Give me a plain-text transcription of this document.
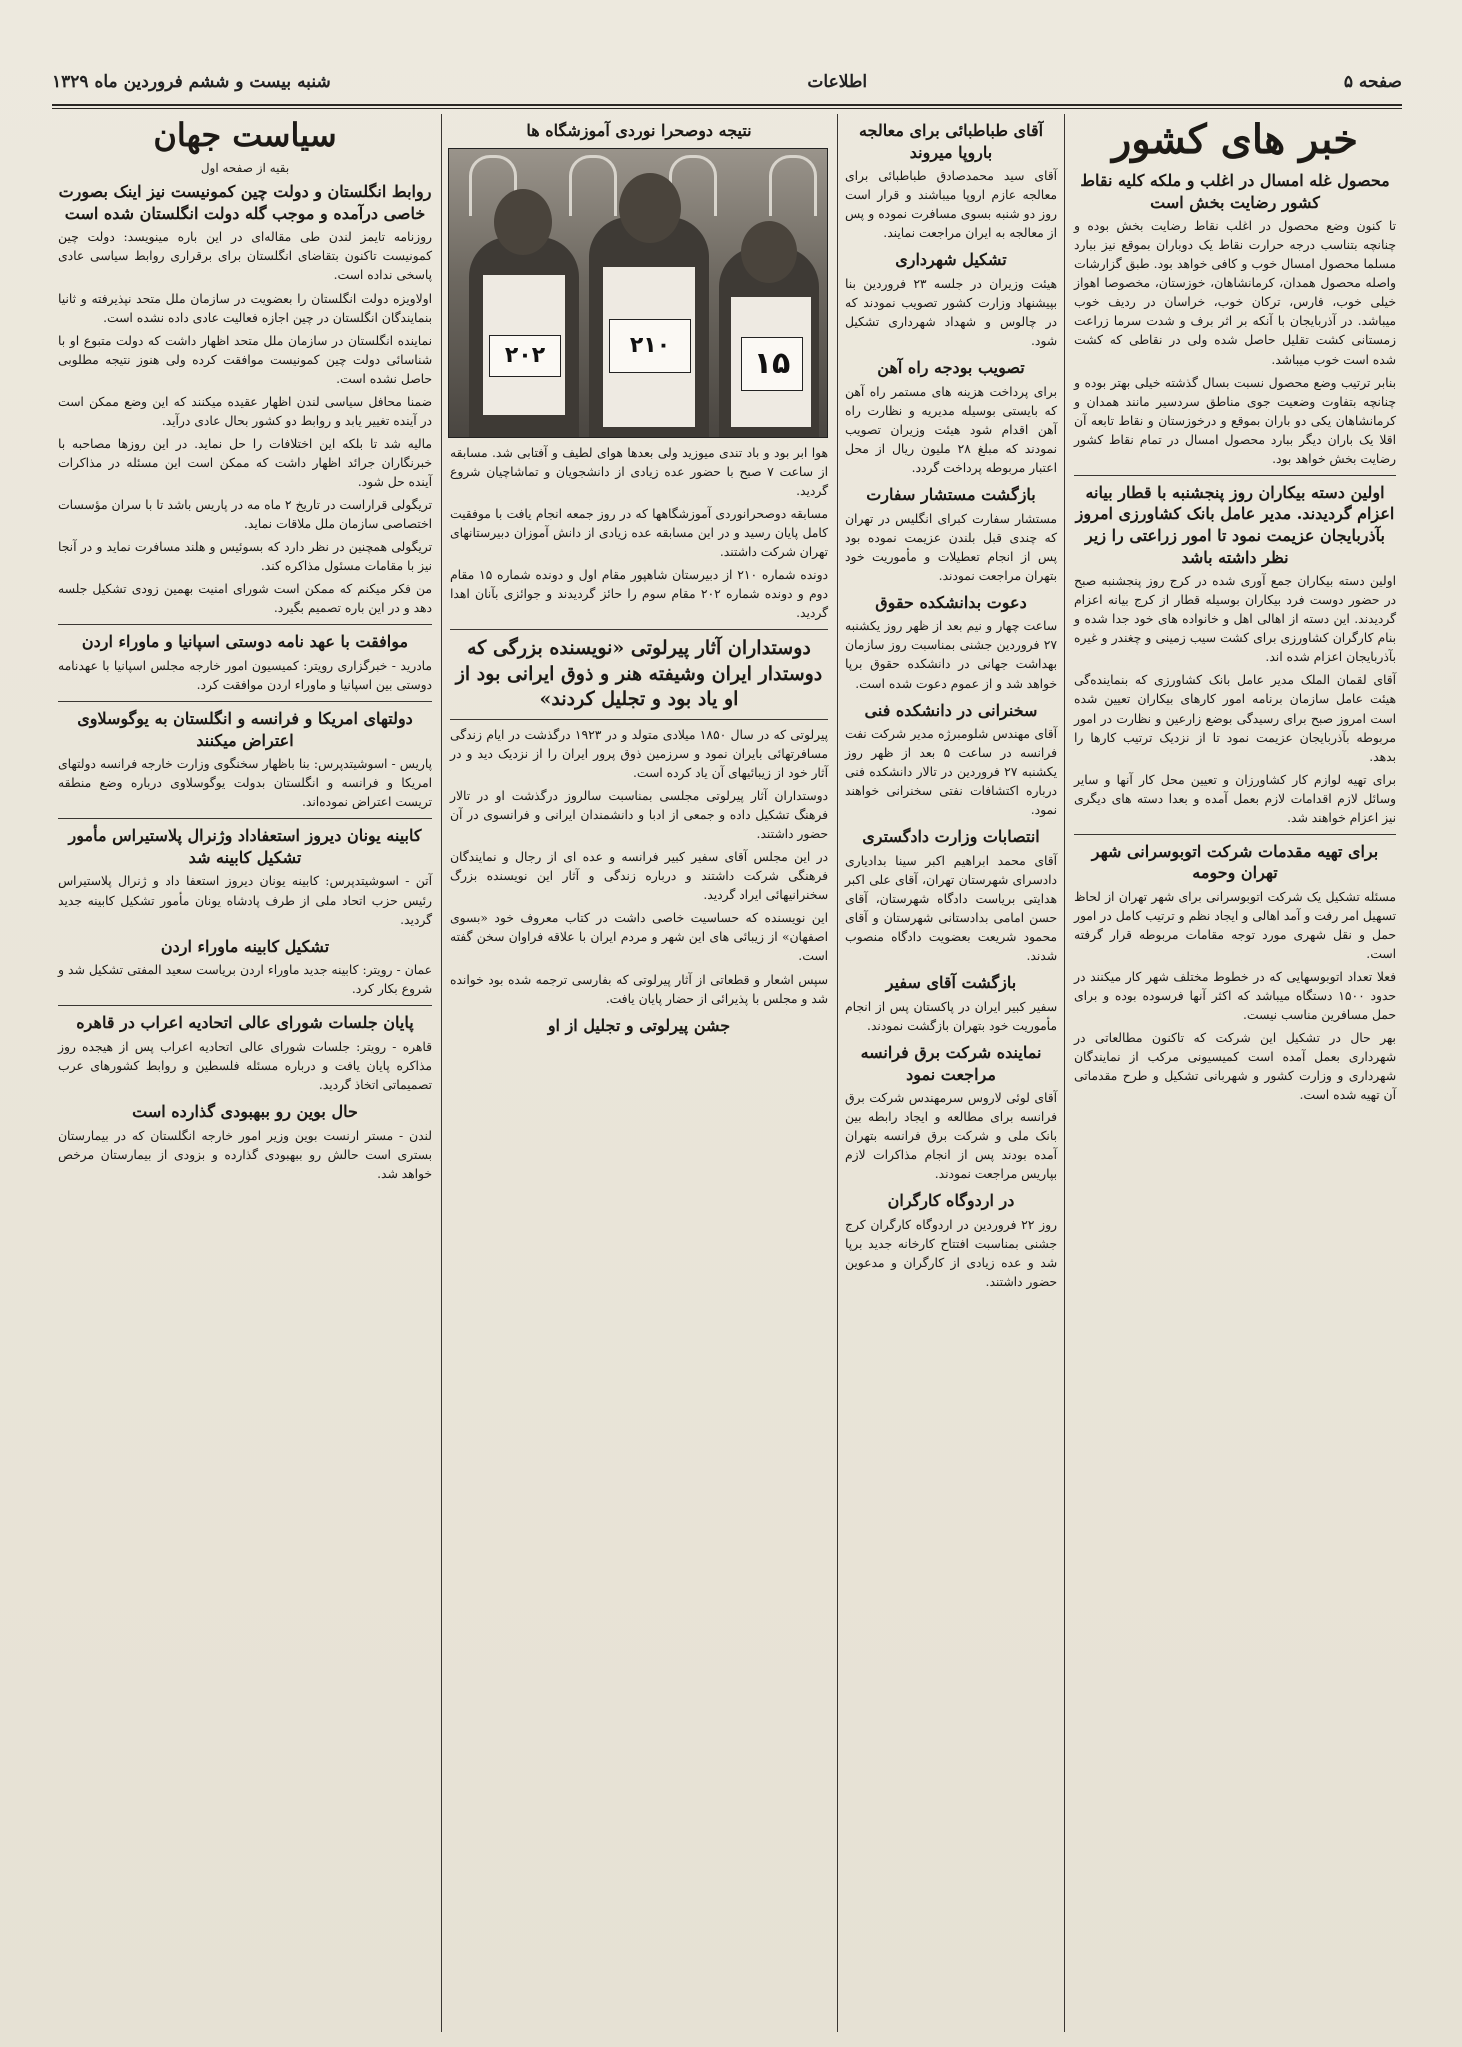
صفحه ۵
اطلاعات
شنبه بیست و ششم فروردین ماه ۱۳۲۹
خبر های کشور
محصول غله امسال در اغلب و ملکه کلیه نقاط کشور رضایت بخش است

تا کنون وضع محصول در اغلب نقاط رضایت بخش بوده و چنانچه بتناسب درجه حرارت نقاط یک دوباران بموقع نیز ببارد مسلما محصول امسال خوب و کافی خواهد بود. طبق گزارشات واصله محصول همدان، کرمانشاهان، خوزستان، مخصوصا اهواز خیلی خوب، فارس، ترکان خوب، خراسان در ردیف خوب میباشد. در آذربایجان با آنکه بر اثر برف و شدت سرما زراعت زمستانی کشت تقلیل حاصل شده ولی در نقاطی که کشت شده است خوب میباشد.

بنابر ترتیب وضع محصول نسبت بسال گذشته خیلی بهتر بوده و چنانچه بتفاوت وضعیت جوی مناطق سردسیر مانند همدان و کرمانشاهان یکی دو باران بموقع و درخوزستان و نقاط تابعه آن اقلا یک باران دیگر ببارد محصول امسال در تمام نقاط کشور رضایت بخش خواهد بود.

اولین دسته بیکاران روز پنجشنبه با قطار بیانه اعزام گردیدند. مدیر عامل بانک کشاورزی امروز بآذربایجان عزیمت نمود تا امور زراعتی را زیر نظر داشته باشد

اولین دسته بیکاران جمع آوری شده در کرج روز پنجشنبه صبح در حضور دوست فرد بیکاران بوسیله قطار از کرج بیانه اعزام گردیدند. این دسته از اهالی اهل و خانواده های خود جدا شده و بنام کارگران کشاورزی برای کشت سیب زمینی و چغندر و غیره بآذربایجان اعزام شده اند.

آقای لقمان الملک مدیر عامل بانک کشاورزی که بنماینده‌گی هیئت عامل سازمان برنامه امور کارهای بیکاران تعیین شده است امروز صبح برای رسیدگی بوضع زارعین و نظارت در امور مربوطه بآذربایجان عزیمت نمود تا از نزدیک ترتیب کارها را بدهد.

برای تهیه لوازم کار کشاورزان و تعیین محل کار آنها و سایر وسائل لازم اقدامات لازم بعمل آمده و بعدا دسته های دیگری نیز اعزام خواهند شد.

برای تهیه مقدمات شرکت اتوبوسرانی شهر تهران وحومه

مسئله تشکیل یک شرکت اتوبوسرانی برای شهر تهران از لحاظ تسهیل امر رفت و آمد اهالی و ایجاد نظم و ترتیب کامل در امور حمل و نقل شهری مورد توجه مقامات مربوطه قرار گرفته است.

فعلا تعداد اتوبوسهایی که در خطوط مختلف شهر کار میکنند در حدود ۱۵۰۰ دستگاه میباشد که اکثر آنها فرسوده بوده و برای حمل مسافرین مناسب نیست.

بهر حال در تشکیل این شرکت که تاکنون مطالعاتی در شهرداری بعمل آمده است کمیسیونی مرکب از نمایندگان شهرداری و وزارت کشور و شهربانی تشکیل و طرح مقدماتی آن تهیه شده است.

آقای طباطبائی برای معالجه باروپا میروند

آقای سید محمدصادق طباطبائی برای معالجه عازم اروپا میباشند و قرار است روز دو شنبه بسوی مسافرت نموده و پس از معالجه به ایران مراجعت نمایند.

تشکیل شهرداری

هیئت وزیران در جلسه ۲۳ فروردین بنا بپیشنهاد وزارت کشور تصویب نمودند که در چالوس و شهداد شهرداری تشکیل شود.

تصویب بودجه راه آهن

برای پرداخت هزینه های مستمر راه آهن که بایستی بوسیله مدیریه و نظارت راه آهن اقدام شود هیئت وزیران تصویب نمودند که مبلغ ۲۸ ملیون ریال از محل اعتبار مربوطه پرداخت گردد.

بازگشت مستشار سفارت

مستشار سفارت کبرای انگلیس در تهران که چندی قبل بلندن عزیمت نموده بود پس از انجام تعطیلات و مأموریت خود بتهران مراجعت نمودند.

دعوت بدانشکده حقوق

ساعت چهار و نیم بعد از ظهر روز یکشنبه ۲۷ فروردین جشنی بمناسبت روز سازمان بهداشت جهانی در دانشکده حقوق برپا خواهد شد و از عموم دعوت شده است.

سخنرانی در دانشکده فنی

آقای مهندس شلومبرژه مدیر شرکت نفت فرانسه در ساعت ۵ بعد از ظهر روز یکشنبه ۲۷ فروردین در تالار دانشکده فنی درباره اکتشافات نفتی سخنرانی خواهند نمود.

انتصابات وزارت دادگستری

آقای محمد ابراهیم اکبر سینا بدادیاری دادسرای شهرستان تهران، آقای علی اکبر هدایتی بریاست دادگاه شهرستان، آقای حسن امامی بدادستانی شهرستان و آقای محمود شریعت بعضویت دادگاه منصوب شدند.

بازگشت آقای سفیر

سفیر کبیر ایران در پاکستان پس از انجام مأموریت خود بتهران بازگشت نمودند.

نماینده شرکت برق فرانسه مراجعت نمود

آقای لوئی لاروس سرمهندس شرکت برق فرانسه برای مطالعه و ایجاد رابطه بین بانک ملی و شرکت برق فرانسه بتهران آمده بودند پس از انجام مذاکرات لازم بپاریس مراجعت نمودند.

در اردوگاه کارگران

روز ۲۲ فروردین در اردوگاه کارگران کرج جشنی بمناسبت افتتاح کارخانه جدید برپا شد و عده زیادی از کارگران و مدعوین حضور داشتند.

نتیجه دوصحرا نوردی آموزشگاه ها
۲۰۲	۲۱۰
۱۵

هوا ابر بود و باد تندی میوزید ولی بعدها هوای لطیف و آفتابی شد. مسابقه از ساعت ۷ صبح با حضور عده زیادی از دانشجویان و تماشاچیان شروع گردید.

مسابقه دوصحرانوردی آموزشگاهها که در روز جمعه انجام یافت با موفقیت کامل پایان رسید و در این مسابقه عده زیادی از دانش آموزان دبیرستانهای تهران شرکت داشتند.

دونده شماره ۲۱۰ از دبیرستان شاهپور مقام اول و دونده شماره ۱۵ مقام دوم و دونده شماره ۲۰۲ مقام سوم را حائز گردیدند و جوائزی بآنان اهدا گردید.

دوستداران آثار پیرلوتی «نویسنده بزرگی که دوستدار ایران وشیفته هنر و ذوق ایرانی بود از او یاد بود و تجلیل کردند»

پیرلوتی که در سال ۱۸۵۰ میلادی متولد و در ۱۹۲۳ درگذشت در ایام زندگی مسافرتهائی بایران نمود و سرزمین ذوق پرور ایران را از نزدیک دید و در آثار خود از زیبائیهای آن یاد کرده است.

دوستداران آثار پیرلوتی مجلسی بمناسبت سالروز درگذشت او در تالار فرهنگ تشکیل داده و جمعی از ادبا و دانشمندان ایرانی و فرانسوی در آن حضور داشتند.

در این مجلس آقای سفیر کبیر فرانسه و عده ای از رجال و نمایندگان فرهنگی شرکت داشتند و درباره زندگی و آثار این نویسنده بزرگ سخنرانیهائی ایراد گردید.

این نویسنده که حساسیت خاصی داشت در کتاب معروف خود «بسوی اصفهان» از زیبائی های این شهر و مردم ایران با علاقه فراوان سخن گفته است.

سپس اشعار و قطعاتی از آثار پیرلوتی که بفارسی ترجمه شده بود خوانده شد و مجلس با پذیرائی از حضار پایان یافت.

جشن پیرلوتی و تجلیل از او
سیاست جهان
بقیه از صفحه اول
روابط انگلستان و دولت چین کمونیست نیز اینک بصورت خاصی درآمده و موجب گله دولت انگلستان شده است

روزنامه تایمز لندن طی مقاله‌ای در این باره مینویسد: دولت چین کمونیست تاکنون بتقاضای انگلستان برای برقراری روابط سیاسی عادی پاسخی نداده است.

اولاویزه دولت انگلستان را بعضویت در سازمان ملل متحد نپذیرفته و ثانیا بنمایندگان انگلستان در چین اجازه فعالیت عادی داده نشده است.

نماینده انگلستان در سازمان ملل متحد اظهار داشت که دولت متبوع او با شناسائی دولت چین کمونیست موافقت کرده ولی هنوز نتیجه مطلوبی حاصل نشده است.

ضمنا محافل سیاسی لندن اظهار عقیده میکنند که این وضع ممکن است در آینده تغییر یابد و روابط دو کشور بحال عادی درآید.

مالیه شد تا بلکه این اختلافات را حل نماید. در این روزها مصاحبه با خبرنگاران جرائد اظهار داشت که ممکن است این مسئله در مذاکرات آینده حل شود.

تریگولی قراراست در تاریخ ۲ ماه مه در پاریس باشد تا با سران مؤسسات اختصاصی سازمان ملل ملاقات نماید.

تریگولی همچنین در نظر دارد که بسوئیس و هلند مسافرت نماید و در آنجا نیز با مقامات مسئول مذاکره کند.

من فکر میکنم که ممکن است شورای امنیت بهمین زودی تشکیل جلسه دهد و در این باره تصمیم بگیرد.

موافقت با عهد نامه دوستی اسپانیا و ماوراء اردن

مادرید - خبرگزاری رویتر: کمیسیون امور خارجه مجلس اسپانیا با عهدنامه دوستی بین اسپانیا و ماوراء اردن موافقت کرد.

دولتهای امریکا و فرانسه و انگلستان به یوگوسلاوی اعتراض میکنند

پاریس - اسوشیتدپرس: بنا باظهار سخنگوی وزارت خارجه فرانسه دولتهای امریکا و فرانسه و انگلستان بدولت یوگوسلاوی درباره وضع منطقه تریست اعتراض نموده‌اند.

کابینه یونان دیروز استعفاداد وژنرال پلاستیراس مأمور تشکیل کابینه شد

آتن - اسوشیتدپرس: کابینه یونان دیروز استعفا داد و ژنرال پلاستیراس رئیس حزب اتحاد ملی از طرف پادشاه یونان مأمور تشکیل کابینه جدید گردید.

تشکیل کابینه ماوراء اردن

عمان - رویتر: کابینه جدید ماوراء اردن بریاست سعید المفتی تشکیل شد و شروع بکار کرد.

پایان جلسات شورای عالی اتحادیه اعراب در قاهره

قاهره - رویتر: جلسات شورای عالی اتحادیه اعراب پس از هیجده روز مذاکره پایان یافت و درباره مسئله فلسطین و روابط کشورهای عرب تصمیماتی اتخاذ گردید.

حال بوین رو ببهبودی گذارده است

لندن - مستر ارنست بوین وزیر امور خارجه انگلستان که در بیمارستان بستری است حالش رو ببهبودی گذارده و بزودی از بیمارستان مرخص خواهد شد.
